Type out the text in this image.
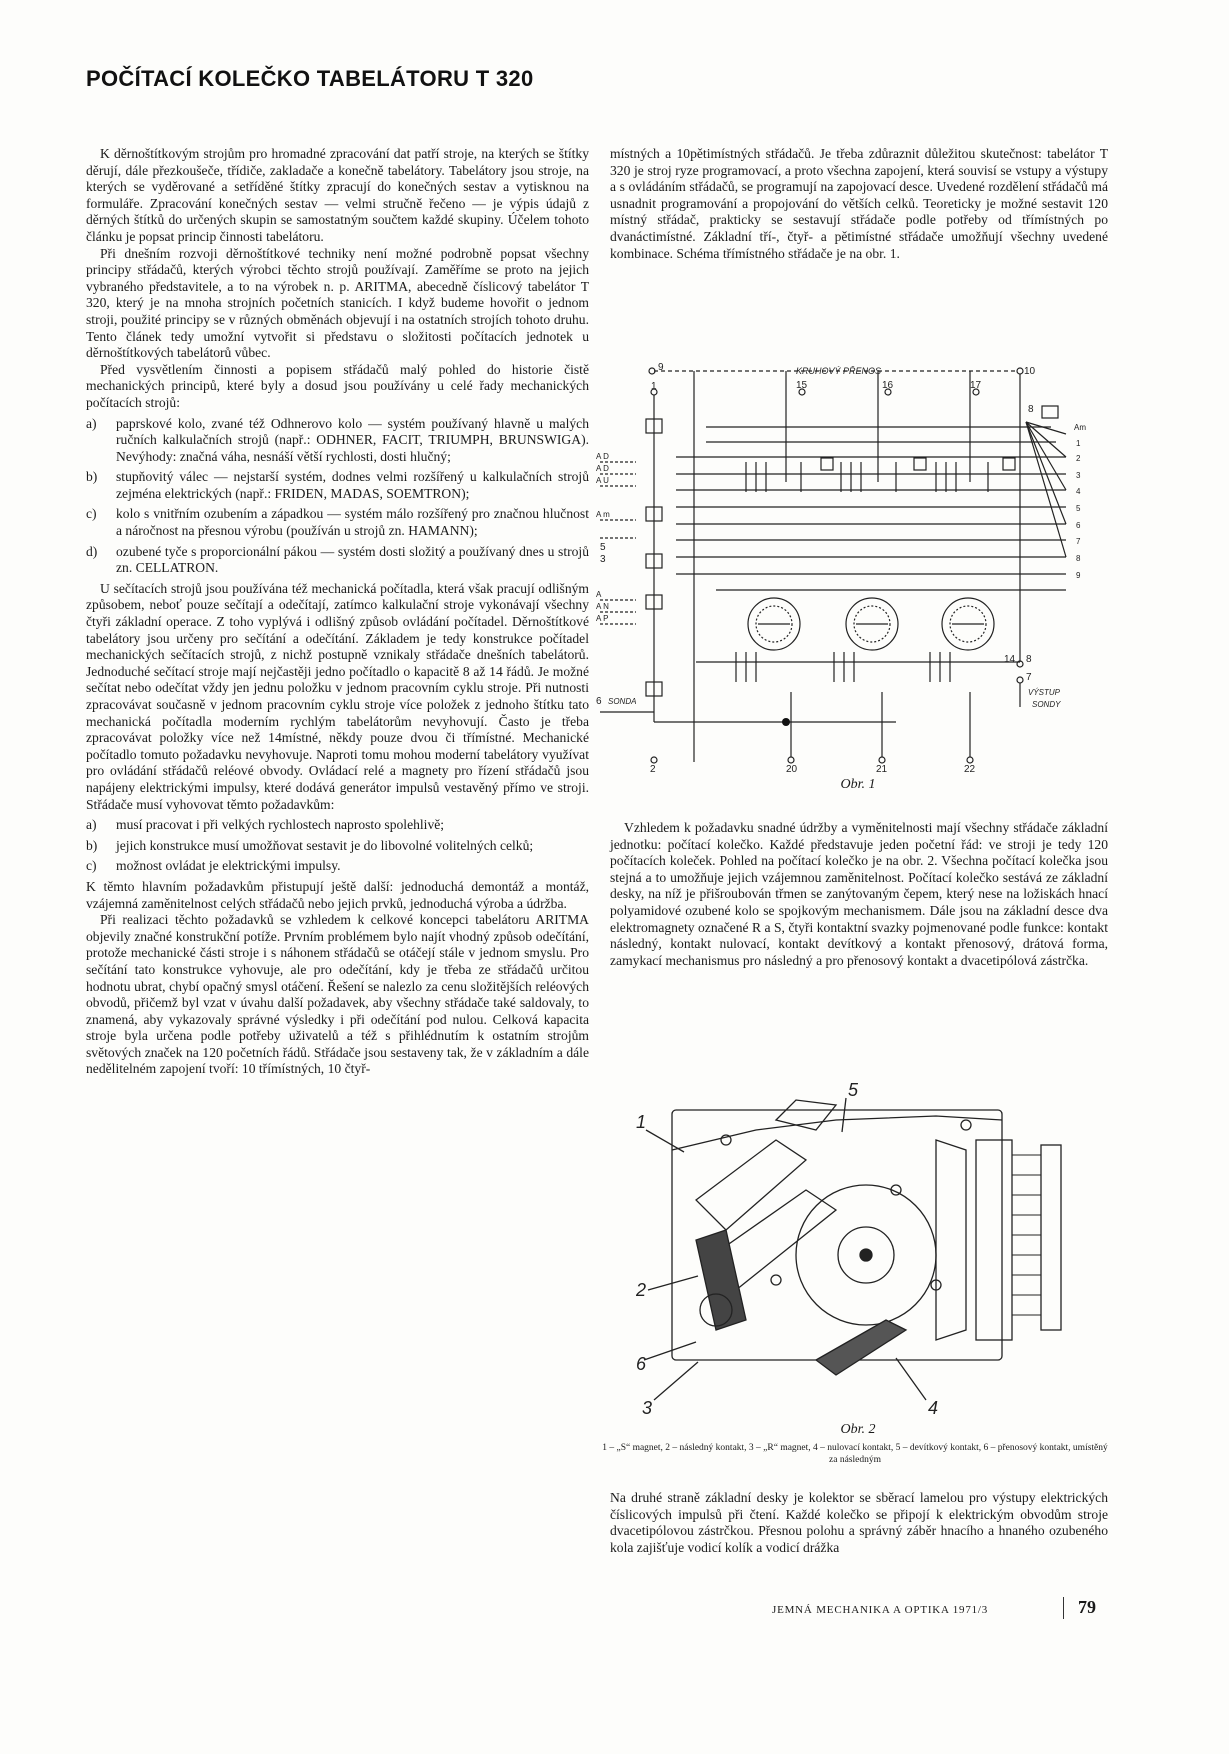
POČÍTACÍ KOLEČKO TABELÁTORU T 320

K děrnoštítkovým strojům pro hromadné zpracování dat patří stroje, na kterých se štítky děrují, dále přezkoušeče, třídiče, zakladače a konečně tabelátory. Tabelátory jsou stroje, na kterých se vyděrované a setříděné štítky zpracují do konečných sestav a vytisknou na formuláře. Zpracování konečných sestav — velmi stručně řečeno — je výpis údajů z děrných štítků do určených skupin se samostatným součtem každé skupiny. Účelem tohoto článku je popsat princip činnosti tabelátoru.

Při dnešním rozvoji děrnoštítkové techniky není možné podrobně popsat všechny principy střádačů, kterých výrobci těchto strojů používají. Zaměříme se proto na jejich vybraného představitele, a to na výrobek n. p. ARITMA, abecedně číslicový tabelátor T 320, který je na mnoha strojních početních stanicích. I když budeme hovořit o jednom stroji, použité principy se v různých obměnách objevují i na ostatních strojích tohoto druhu. Tento článek tedy umožní vytvořit si představu o složitosti počítacích jednotek u děrnoštítkových tabelátorů vůbec.

Před vysvětlením činnosti a popisem střádačů malý pohled do historie čistě mechanických principů, které byly a dosud jsou používány u celé řady mechanických počítacích strojů:

a)	paprskové kolo, zvané též Odhnerovo kolo — systém používaný hlavně u malých ručních kalkulačních strojů (např.: ODHNER, FACIT, TRIUMPH, BRUNSWIGA). Nevýhody: značná váha, nesnáší větší rychlosti, dosti hlučný;
b)	stupňovitý válec — nejstarší systém, dodnes velmi rozšířený u kalkulačních strojů zejména elektrických (např.: FRIDEN, MADAS, SOEMTRON);
c)	kolo s vnitřním ozubením a západkou — systém málo rozšířený pro značnou hlučnost a náročnost na přesnou výrobu (používán u strojů zn. HAMANN);
d)	ozubené tyče s proporcionální pákou — systém dosti složitý a používaný dnes u strojů zn. CELLATRON.

U sečítacích strojů jsou používána též mechanická počítadla, která však pracují odlišným způsobem, neboť pouze sečítají a odečítají, zatímco kalkulační stroje vykonávají všechny čtyři základní operace. Z toho vyplývá i odlišný způsob ovládání počítadel. Děrnoštítkové tabelátory jsou určeny pro sečítání a odečítání. Základem je tedy konstrukce počítadel mechanických sečítacích strojů, z nichž postupně vznikaly střádače dnešních tabelátorů. Jednoduché sečítací stroje mají nejčastěji jedno počítadlo o kapacitě 8 až 14 řádů. Je možné sečítat nebo odečítat vždy jen jednu položku v jednom pracovním cyklu stroje. Při nutnosti zpracovávat současně v jednom pracovním cyklu stroje více položek z jednoho štítku tato mechanická počítadla moderním rychlým tabelátorům nevyhovují. Často je třeba zpracovávat položky více než 14místné, někdy pouze dvou či třímístné. Mechanické počítadlo tomuto požadavku nevyhovuje. Naproti tomu mohou moderní tabelátory využívat pro ovládání střádačů reléové obvody. Ovládací relé a magnety pro řízení střádačů jsou napájeny elektrickými impulsy, které dodává generátor impulsů vestavěný přímo ve stroji. Střádače musí vyhovovat těmto požadavkům:

a)	musí pracovat i při velkých rychlostech naprosto spolehlivě;
b)	jejich konstrukce musí umožňovat sestavit je do libovolné volitelných celků;
c)	možnost ovládat je elektrickými impulsy.

K těmto hlavním požadavkům přistupují ještě další: jednoduchá demontáž a montáž, vzájemná zaměnitelnost celých střádačů nebo jejich prvků, jednoduchá výroba a údržba.

Při realizaci těchto požadavků se vzhledem k celkové koncepci tabelátoru ARITMA objevily značné konstrukční potíže. Prvním problémem bylo najít vhodný způsob odečítání, protože mechanické části stroje i s náhonem střádačů se otáčejí stále v jednom smyslu. Pro sečítání tato konstrukce vyhovuje, ale pro odečítání, kdy je třeba ze střádačů určitou hodnotu ubrat, chybí opačný smysl otáčení. Řešení se nalezlo za cenu složitějších reléových obvodů, přičemž byl vzat v úvahu další požadavek, aby všechny střádače také saldovaly, to znamená, aby vykazovaly správné výsledky i při odečítání pod nulou. Celková kapacita stroje byla určena podle potřeby uživatelů a též s přihlédnutím k ostatním strojům světových značek na 120 početních řádů. Střádače jsou sestaveny tak, že v základním a dále nedělitelném zapojení tvoří: 10 třímístných, 10 čtyř-

místných a 10pětimístných střádačů. Je třeba zdůraznit důležitou skutečnost: tabelátor T 320 je stroj ryze programovací, a proto všechna zapojení, která souvisí se vstupy a výstupy a s ovládáním střádačů, se programují na zapojovací desce. Uvedené rozdělení střádačů má usnadnit programování a propojování do větších celků. Teoreticky je možné sestavit 120 místný střádač, prakticky se sestavují střádače podle potřeby od třímístných po dvanáctimístné. Základní tří-, čtyř- a pětimístné střádače umožňují všechny uvedené kombinace. Schéma třímístného střádače je na obr. 1.

9	10
KRUHOVÝ PŘENOS
1	15	16	17
8
A D
A D
A U
A m
5
3
A
A N
A P
6 SONDA
2	20	21	22
14 8
7
VÝSTUP
SONDY
Am
1
2
3
4
5
6
7
8
9
Obr. 1

Vzhledem k požadavku snadné údržby a vyměnitelnosti mají všechny střádače základní jednotku: počítací kolečko. Každé představuje jeden početní řád: ve stroji je tedy 120 počítacích koleček. Pohled na počítací kolečko je na obr. 2. Všechna počítací kolečka jsou stejná a to umožňuje jejich vzájemnou zaměnitelnost. Počítací kolečko sestává ze základní desky, na níž je přišroubován třmen se zanýtovaným čepem, který nese na ložiskách hnací polyamidové ozubené kolo se spojkovým mechanismem. Dále jsou na základní desce dva elektromagnety označené R a S, čtyři kontaktní svazky pojmenované podle funkce: kontakt následný, kontakt nulovací, kontakt devítkový a kontakt přenosový, drátová forma, zamykací mechanismus pro následný a pro přenosový kontakt a dvacetipólová zástrčka.

1
2
3	4
5
6
Obr. 2
1 – „S“ magnet, 2 – následný kontakt, 3 – „R“ magnet, 4 – nulovací kontakt, 5 – devítkový kontakt, 6 – přenosový kontakt, umístěný za následným

Na druhé straně základní desky je kolektor se sběrací lamelou pro výstupy elektrických číslicových impulsů při čtení. Každé kolečko se připojí k elektrickým obvodům stroje dvacetipólovou zástrčkou. Přesnou polohu a správný záběr hnacího a hnaného ozubeného kola zajišťuje vodicí kolík a vodicí drážka

JEMNÁ MECHANIKA A OPTIKA 1971/3	79
